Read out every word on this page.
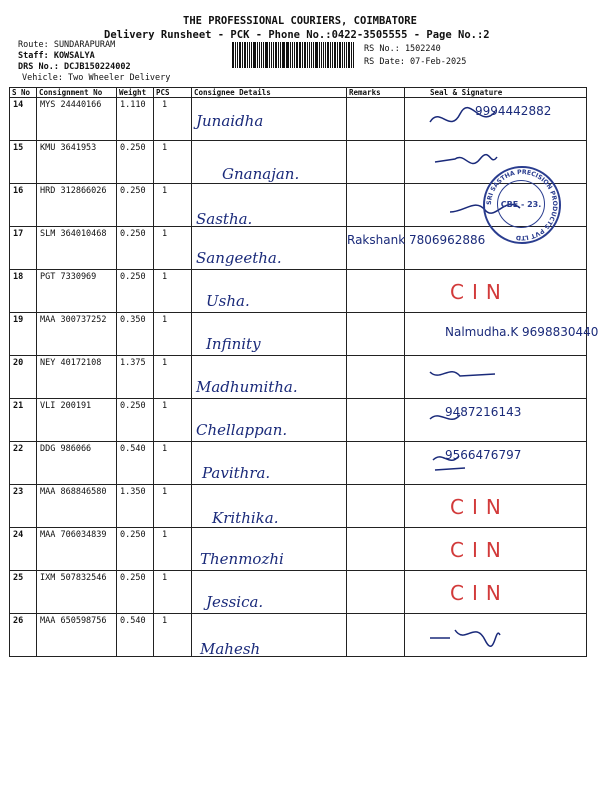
THE PROFESSIONAL COURIERS, COIMBATORE
Delivery Runsheet - PCK - Phone No.:0422-3505555 - Page No.:2
Route: SUNDARAPURAM
Staff: KOWSALYA
DRS No.: DCJB150224002
Vehicle: Two Wheeler Delivery
RS No.: 1502240
RS Date: 07-Feb-2025
S No	Consignment No	Weight	PCS	Consignee Details	Remarks	Seal & Signature
14	MYS 24440166	1.110	1	Junaidha		9994442882

15	KMU 3641953	0.250	1	Gnanajan.

16	HRD 312866026	0.250	1	Sastha.

17	SLM 364010468	0.250	1	Sangeetha.		Rakshank 7806962886

18	PGT 7330969	0.250	1	Usha.		CIN

19	MAA 300737252	0.350	1	Infinity		Nalmudha.K 9698830440

20	NEY 40172108	1.375	1	Madhumitha.

21	VLI 200191	0.250	1	Chellappan.		9487216143

22	DDG 986066	0.540	1	Pavithra.		9566476797

23	MAA 868846580	1.350	1	Krithika.		CIN

24	MAA 706034839	0.250	1	Thenmozhi		CIN

25	IXM 507832546	0.250	1	Jessica.		CIN

26	MAA 650598756	0.540	1	Mahesh

SRI SASTHA PRECISION PRODUCTS PVT LTD
CBE - 23.
